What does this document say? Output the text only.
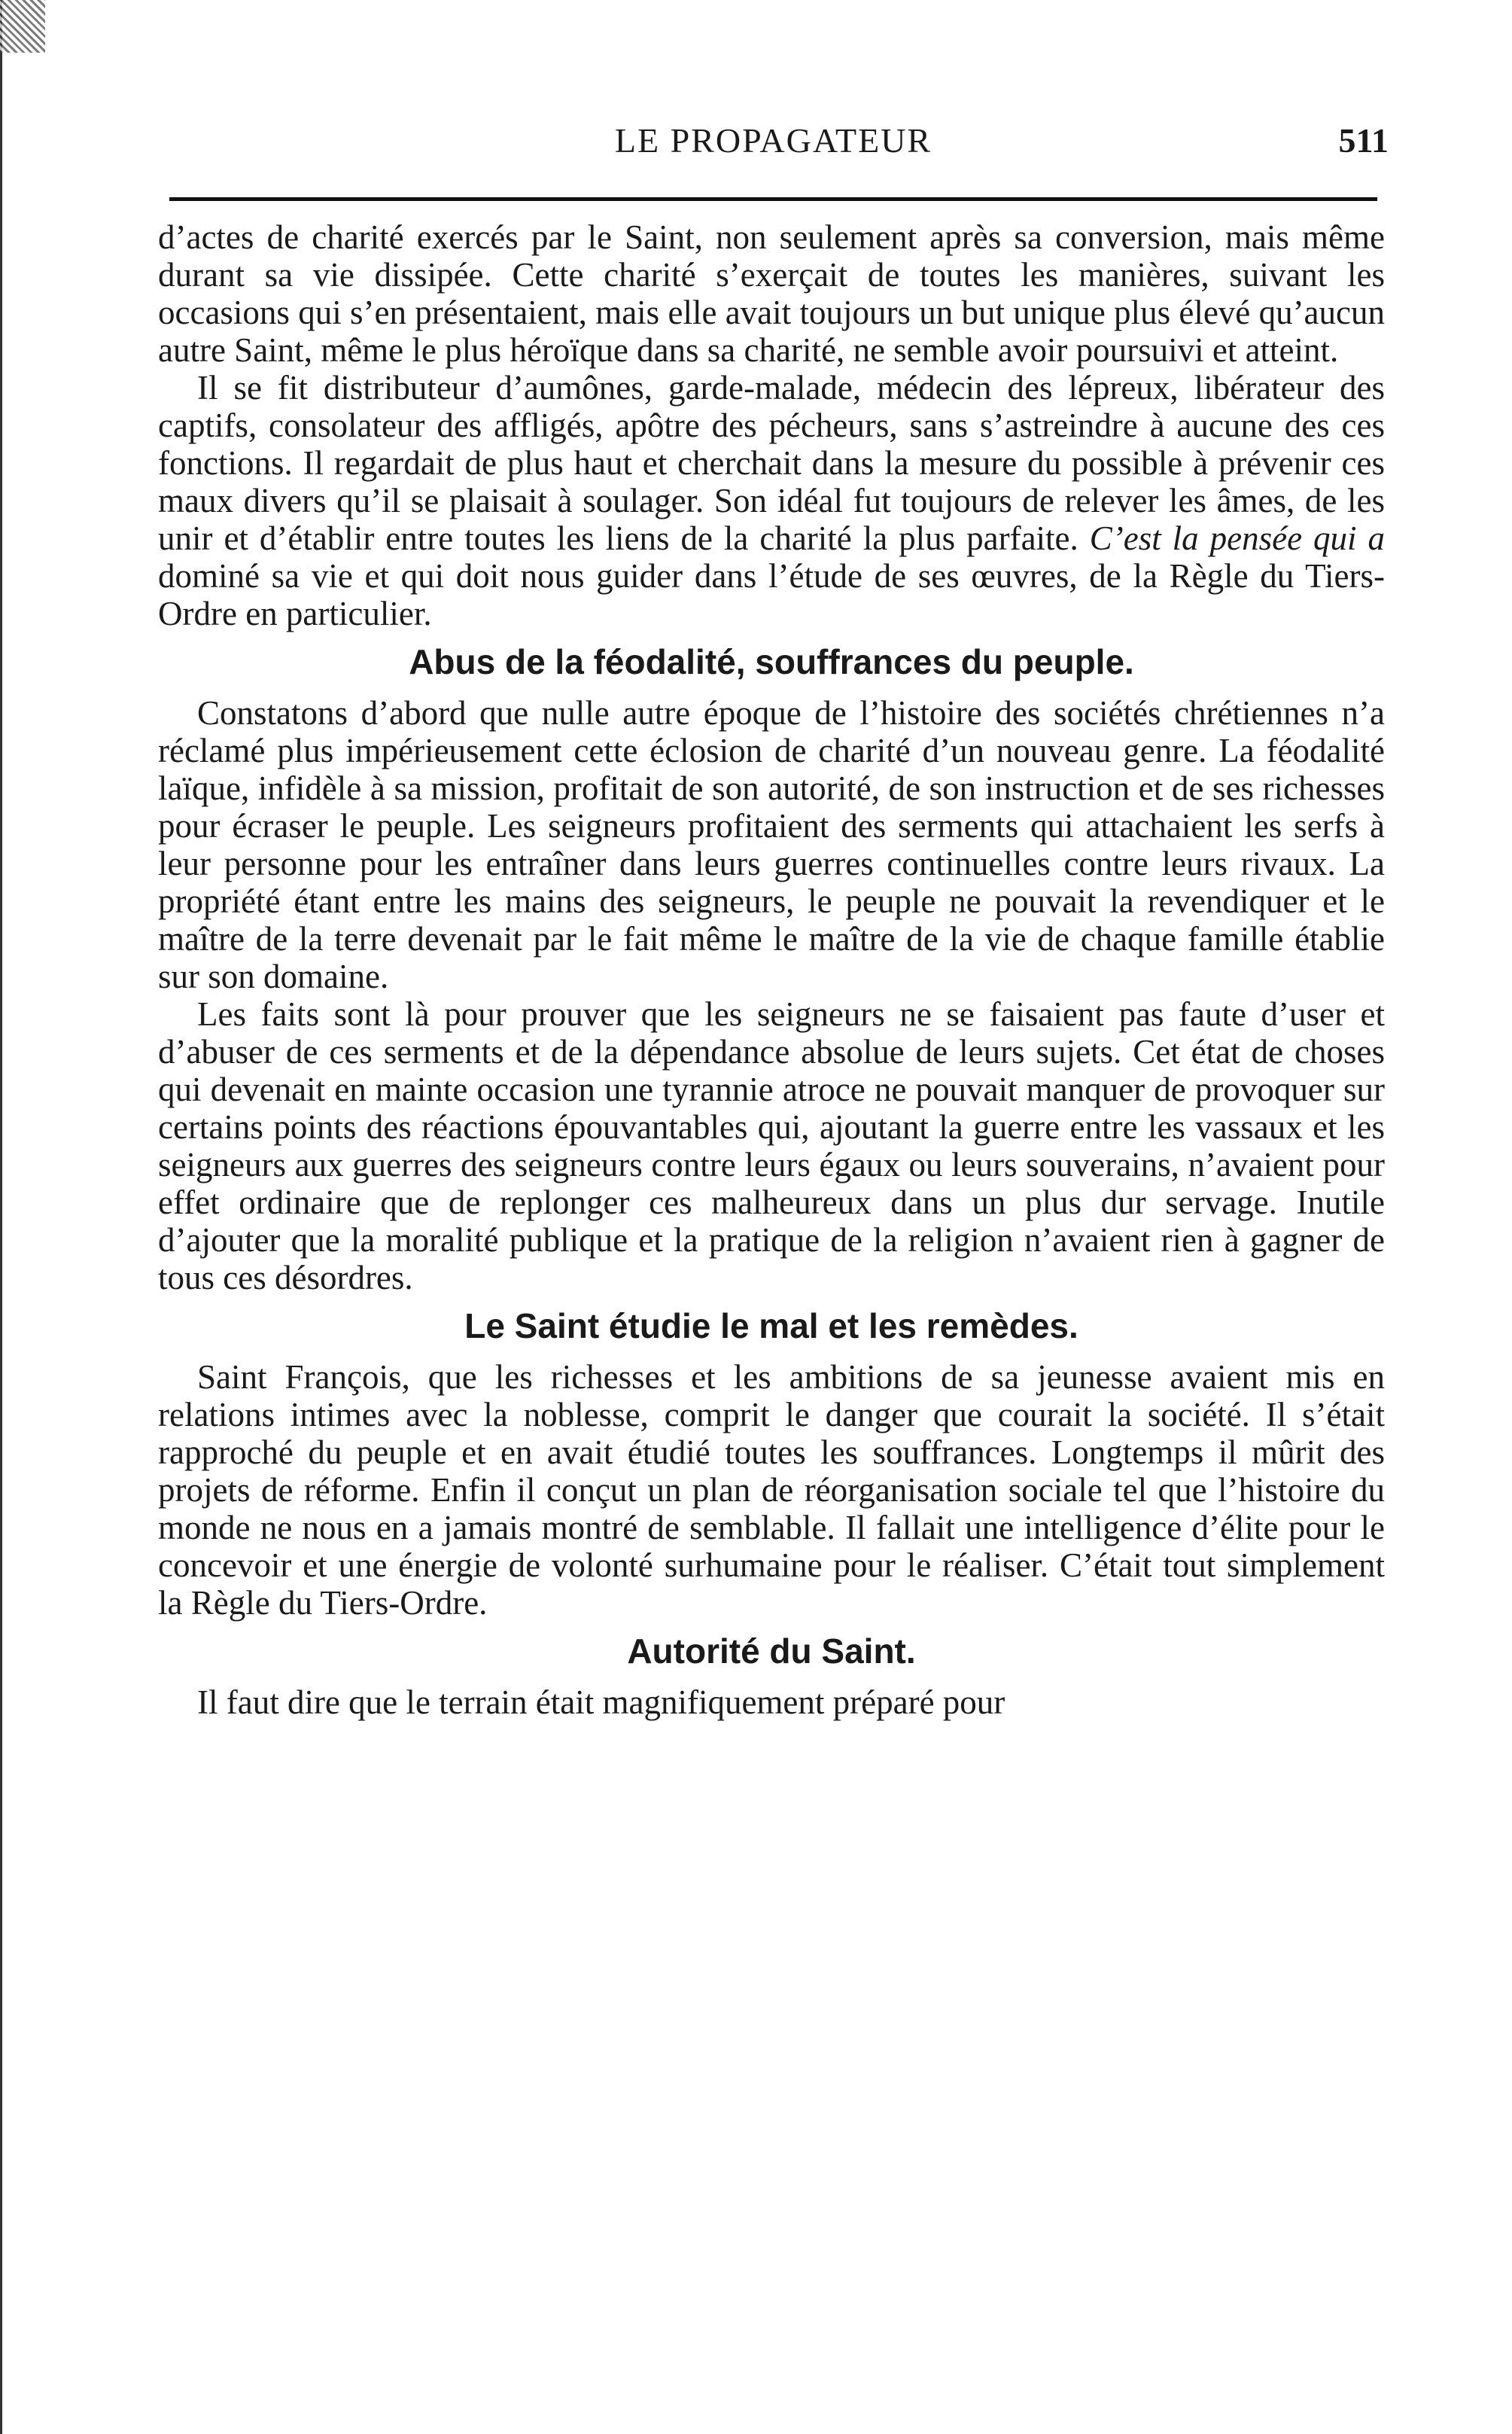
LE PROPAGATEUR	511

d’actes de charité exercés par le Saint, non seulement après sa conversion, mais même durant sa vie dissipée. Cette charité s’exerçait de toutes les manières, suivant les occasions qui s’en présentaient, mais elle avait toujours un but unique plus élevé qu’aucun autre Saint, même le plus héroïque dans sa charité, ne semble avoir poursuivi et atteint.

Il se fit distributeur d’aumônes, garde-malade, médecin des lépreux, libérateur des captifs, consolateur des affligés, apôtre des pécheurs, sans s’astreindre à aucune des ces fonctions. Il regardait de plus haut et cherchait dans la mesure du possible à prévenir ces maux divers qu’il se plaisait à soulager. Son idéal fut toujours de relever les âmes, de les unir et d’établir entre toutes les liens de la charité la plus parfaite. C’est la pensée qui a dominé sa vie et qui doit nous guider dans l’étude de ses œuvres, de la Règle du Tiers-Ordre en particulier.

Abus de la féodalité, souffrances du peuple.

Constatons d’abord que nulle autre époque de l’histoire des sociétés chrétiennes n’a réclamé plus impérieusement cette éclosion de charité d’un nouveau genre. La féodalité laïque, infidèle à sa mission, profitait de son autorité, de son instruction et de ses richesses pour écraser le peuple. Les seigneurs profitaient des serments qui attachaient les serfs à leur personne pour les entraîner dans leurs guerres continuelles contre leurs rivaux. La propriété étant entre les mains des seigneurs, le peuple ne pouvait la revendiquer et le maître de la terre devenait par le fait même le maître de la vie de chaque famille établie sur son domaine.

Les faits sont là pour prouver que les seigneurs ne se faisaient pas faute d’user et d’abuser de ces serments et de la dépendance absolue de leurs sujets. Cet état de choses qui devenait en mainte occasion une tyrannie atroce ne pouvait manquer de provoquer sur certains points des réactions épouvantables qui, ajoutant la guerre entre les vassaux et les seigneurs aux guerres des seigneurs contre leurs égaux ou leurs souverains, n’avaient pour effet ordinaire que de replonger ces malheureux dans un plus dur servage. Inutile d’ajouter que la moralité publique et la pratique de la religion n’avaient rien à gagner de tous ces désordres.

Le Saint étudie le mal et les remèdes.

Saint François, que les richesses et les ambitions de sa jeunesse avaient mis en relations intimes avec la noblesse, comprit le danger que courait la société. Il s’était rapproché du peuple et en avait étudié toutes les souffrances. Longtemps il mûrit des projets de réforme. Enfin il conçut un plan de réorganisation sociale tel que l’histoire du monde ne nous en a jamais montré de semblable. Il fallait une intelligence d’élite pour le concevoir et une énergie de volonté surhumaine pour le réaliser. C’était tout simplement la Règle du Tiers-Ordre.

Autorité du Saint.

Il faut dire que le terrain était magnifiquement préparé pour
